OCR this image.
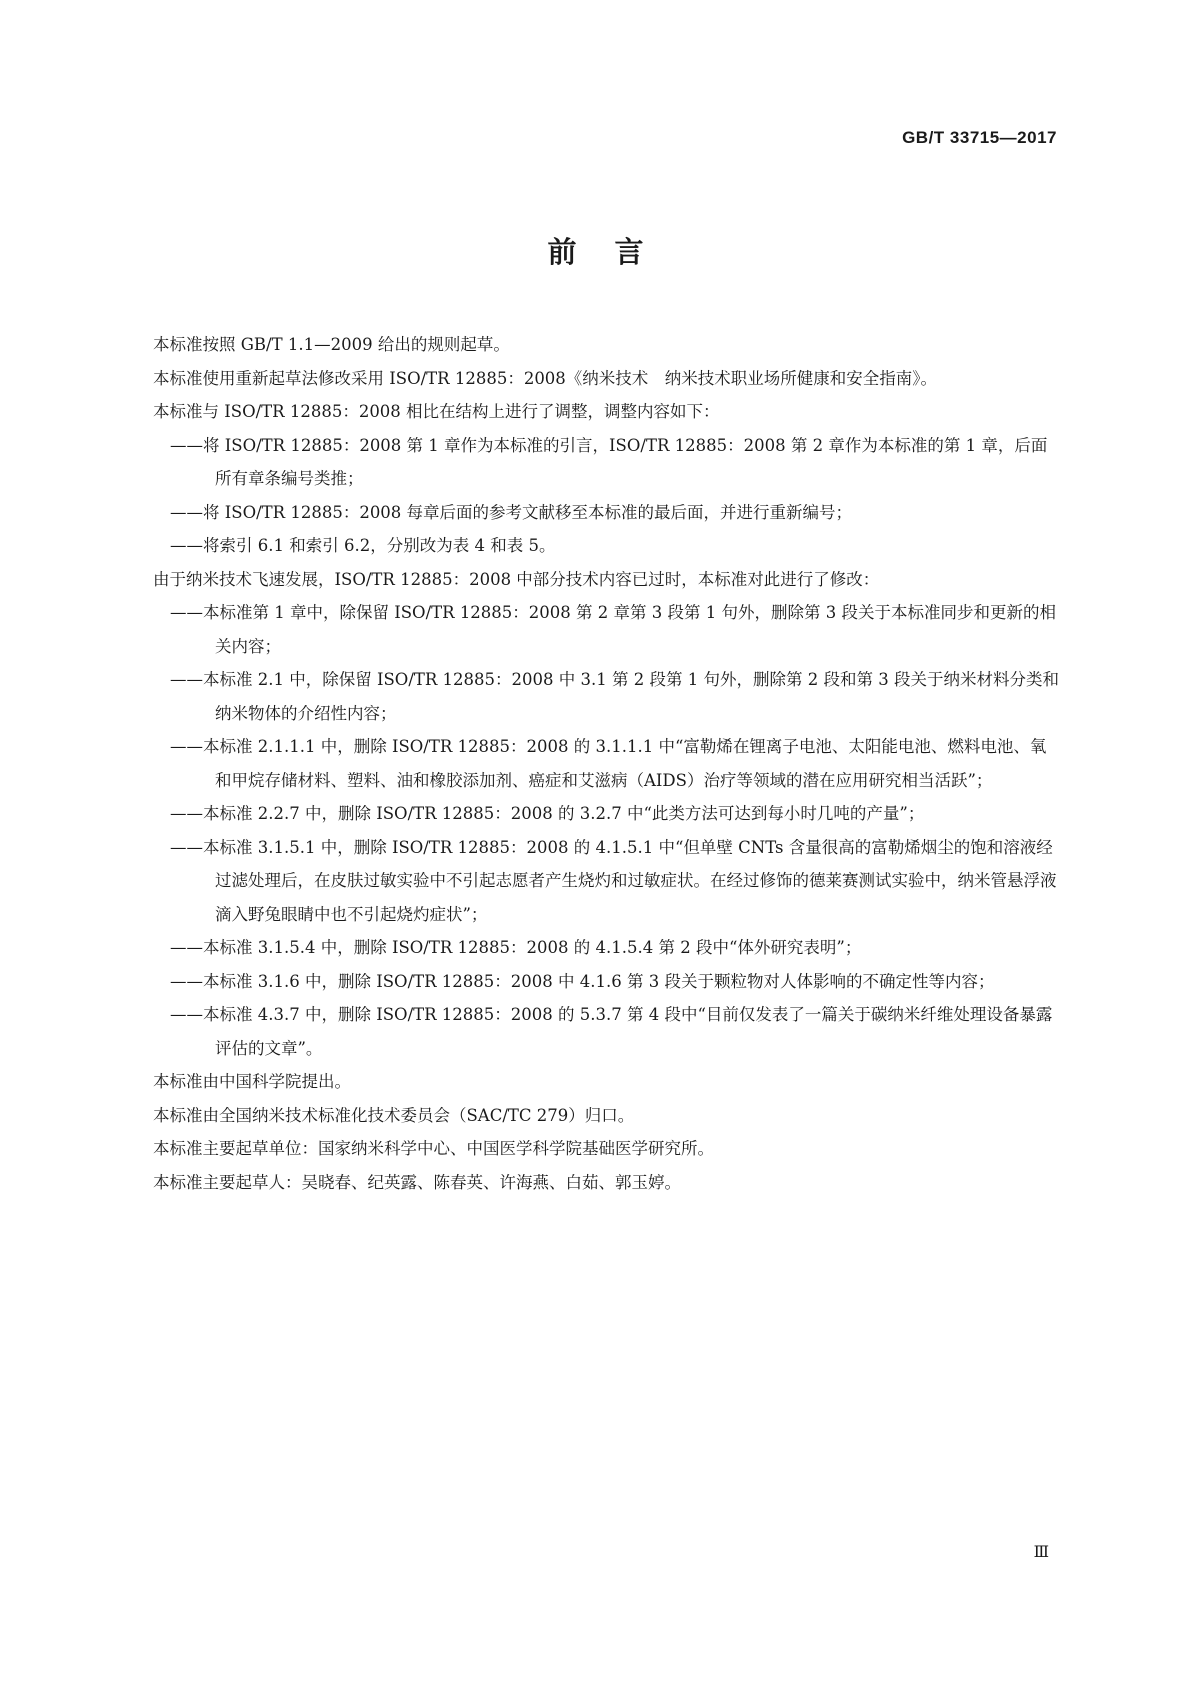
GB/T 33715—2017
前言

本标准按照 GB/T 1.1—2009 给出的规则起草。

本标准使用重新起草法修改采用 ISO/TR 12885：2008《纳米技术　纳米技术职业场所健康和安全指南》。

本标准与 ISO/TR 12885：2008 相比在结构上进行了调整，调整内容如下：

——将 ISO/TR 12885：2008 第 1 章作为本标准的引言，ISO/TR 12885：2008 第 2 章作为本标准的第 1 章，后面所有章条编号类推；

——将 ISO/TR 12885：2008 每章后面的参考文献移至本标准的最后面，并进行重新编号；

——将索引 6.1 和索引 6.2，分别改为表 4 和表 5。

由于纳米技术飞速发展，ISO/TR 12885：2008 中部分技术内容已过时，本标准对此进行了修改：

——本标准第 1 章中，除保留 ISO/TR 12885：2008 第 2 章第 3 段第 1 句外，删除第 3 段关于本标准同步和更新的相关内容；

——本标准 2.1 中，除保留 ISO/TR 12885：2008 中 3.1 第 2 段第 1 句外，删除第 2 段和第 3 段关于纳米材料分类和纳米物体的介绍性内容；

——本标准 2.1.1.1 中，删除 ISO/TR 12885：2008 的 3.1.1.1 中“富勒烯在锂离子电池、太阳能电池、燃料电池、氧和甲烷存储材料、塑料、油和橡胶添加剂、癌症和艾滋病（AIDS）治疗等领域的潜在应用研究相当活跃”；

——本标准 2.2.7 中，删除 ISO/TR 12885：2008 的 3.2.7 中“此类方法可达到每小时几吨的产量”；

——本标准 3.1.5.1 中，删除 ISO/TR 12885：2008 的 4.1.5.1 中“但单壁 CNTs 含量很高的富勒烯烟尘的饱和溶液经过滤处理后，在皮肤过敏实验中不引起志愿者产生烧灼和过敏症状。在经过修饰的德莱赛测试实验中，纳米管悬浮液滴入野兔眼睛中也不引起烧灼症状”；

——本标准 3.1.5.4 中，删除 ISO/TR 12885：2008 的 4.1.5.4 第 2 段中“体外研究表明”；

——本标准 3.1.6 中，删除 ISO/TR 12885：2008 中 4.1.6 第 3 段关于颗粒物对人体影响的不确定性等内容；

——本标准 4.3.7 中，删除 ISO/TR 12885：2008 的 5.3.7 第 4 段中“目前仅发表了一篇关于碳纳米纤维处理设备暴露评估的文章”。

本标准由中国科学院提出。

本标准由全国纳米技术标准化技术委员会（SAC/TC 279）归口。

本标准主要起草单位：国家纳米科学中心、中国医学科学院基础医学研究所。

本标准主要起草人：吴晓春、纪英露、陈春英、许海燕、白茹、郭玉婷。

Ⅲ
